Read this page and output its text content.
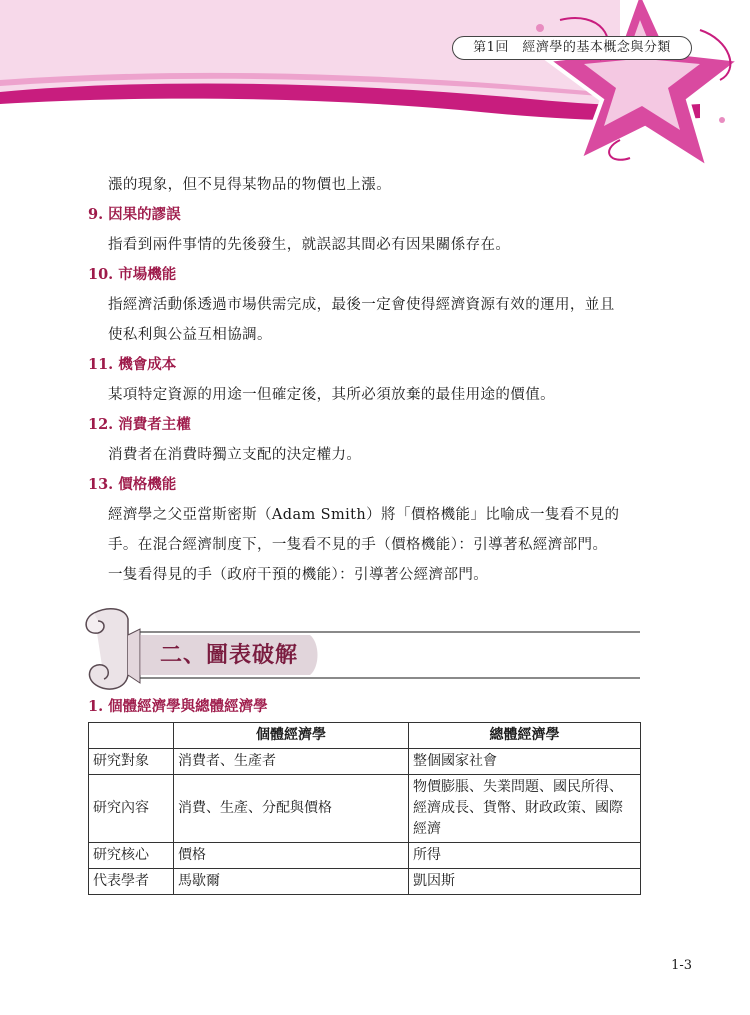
第1回　經濟學的基本概念與分類
漲的現象，但不見得某物品的物價也上漲。
9. 因果的謬誤
指看到兩件事情的先後發生，就誤認其間必有因果關係存在。
10. 市場機能
指經濟活動係透過市場供需完成，最後一定會使得經濟資源有效的運用，並且
使私利與公益互相協調。
11. 機會成本
某項特定資源的用途一但確定後，其所必須放棄的最佳用途的價值。
12. 消費者主權
消費者在消費時獨立支配的決定權力。
13. 價格機能
經濟學之父亞當斯密斯（Adam Smith）將「價格機能」比喻成一隻看不見的
手。在混合經濟制度下，一隻看不見的手（價格機能）：引導著私經濟部門。
一隻看得見的手（政府干預的機能）：引導著公經濟部門。
二、圖表破解
1. 個體經濟學與總體經濟學
	個體經濟學	總體經濟學
研究對象	消費者、生產者	整個國家社會
研究內容	消費、生產、分配與價格	物價膨脹、失業問題、國民所得、經濟成長、貨幣、財政政策、國際經濟
研究核心	價格	所得
代表學者	馬歇爾	凱因斯
1-3
